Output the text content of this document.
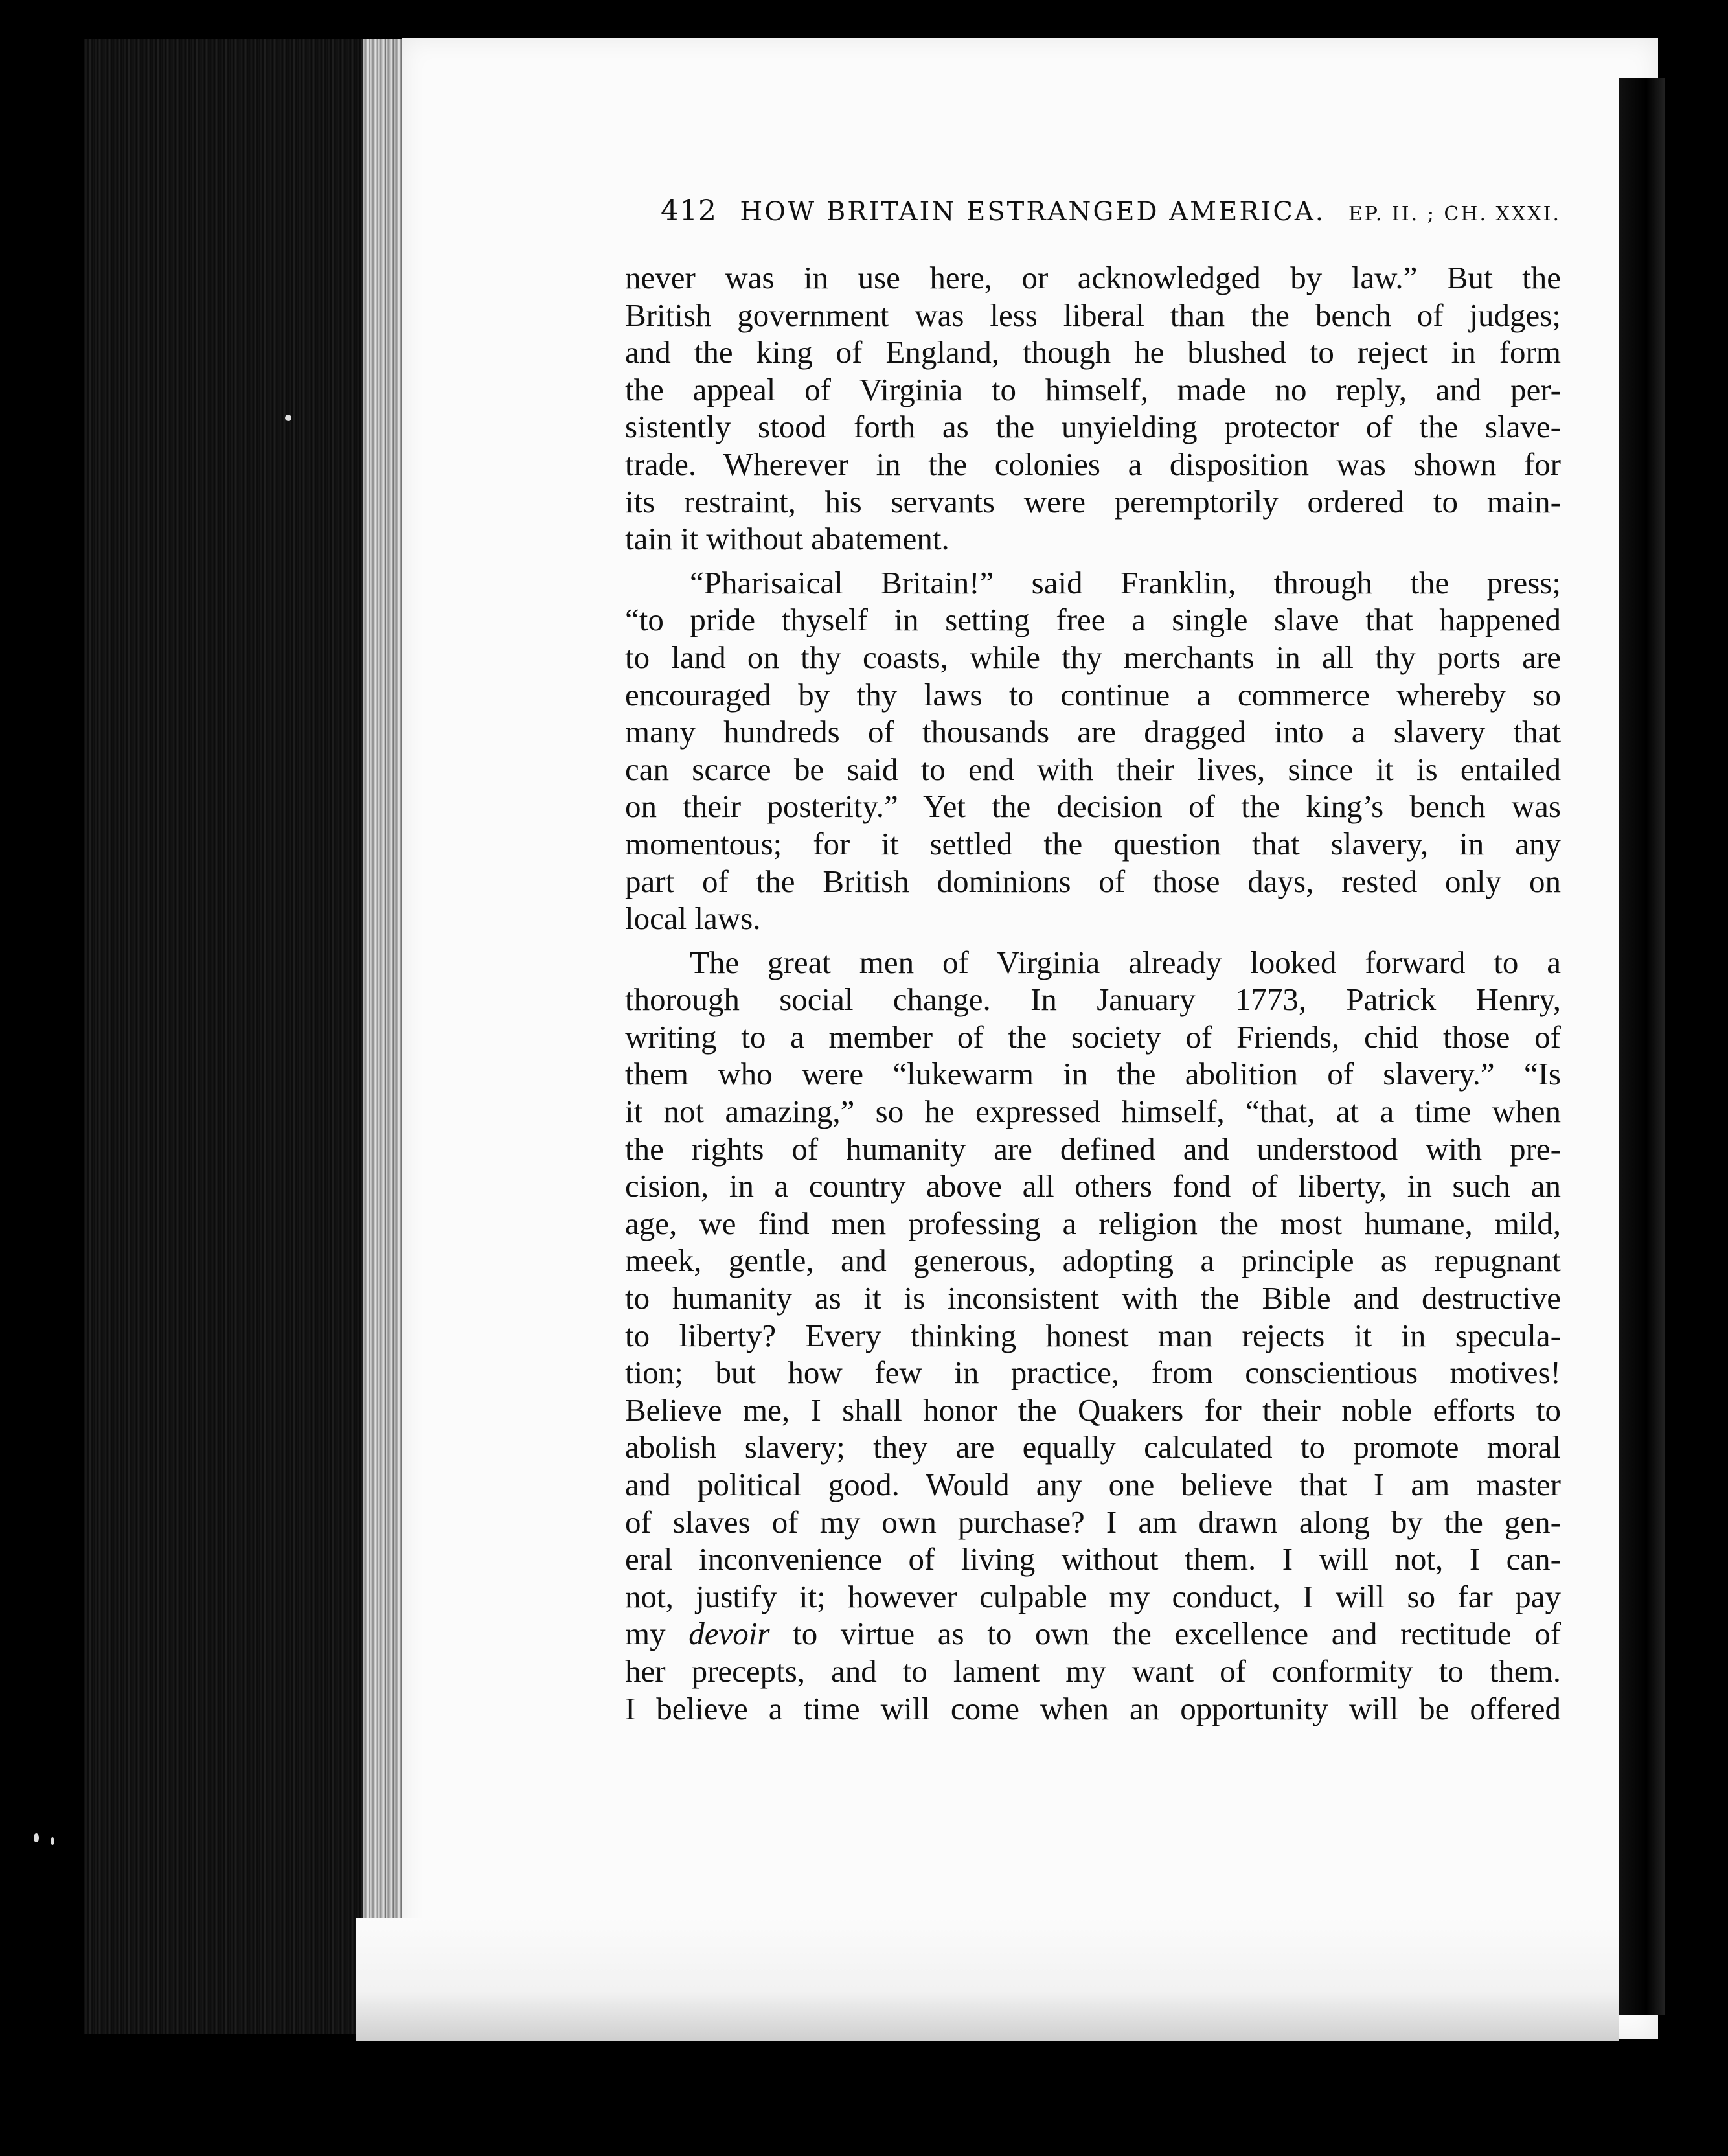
412 HOW BRITAIN ESTRANGED AMERICA. EP. II. ; CH. XXXI.
never was in use here, or acknowledged by law.” But the
British government was less liberal than the bench of judges;
and the king of England, though he blushed to reject in form
the appeal of Virginia to himself, made no reply, and per-
sistently stood forth as the unyielding protector of the slave-
trade. Wherever in the colonies a disposition was shown for
its restraint, his servants were peremptorily ordered to main-
tain it without abatement.
“Pharisaical Britain!” said Franklin, through the press;
“to pride thyself in setting free a single slave that happened
to land on thy coasts, while thy merchants in all thy ports are
encouraged by thy laws to continue a commerce whereby so
many hundreds of thousands are dragged into a slavery that
can scarce be said to end with their lives, since it is entailed
on their posterity.” Yet the decision of the king’s bench was
momentous; for it settled the question that slavery, in any
part of the British dominions of those days, rested only on
local laws.
The great men of Virginia already looked forward to a
thorough social change. In January 1773, Patrick Henry,
writing to a member of the society of Friends, chid those of
them who were “lukewarm in the abolition of slavery.” “Is
it not amazing,” so he expressed himself, “that, at a time when
the rights of humanity are defined and understood with pre-
cision, in a country above all others fond of liberty, in such an
age, we find men professing a religion the most humane, mild,
meek, gentle, and generous, adopting a principle as repugnant
to humanity as it is inconsistent with the Bible and destructive
to liberty? Every thinking honest man rejects it in specula-
tion; but how few in practice, from conscientious motives!
Believe me, I shall honor the Quakers for their noble efforts to
abolish slavery; they are equally calculated to promote moral
and political good. Would any one believe that I am master
of slaves of my own purchase? I am drawn along by the gen-
eral inconvenience of living without them. I will not, I can-
not, justify it; however culpable my conduct, I will so far pay
my devoir to virtue as to own the excellence and rectitude of
her precepts, and to lament my want of conformity to them.
I believe a time will come when an opportunity will be offered
